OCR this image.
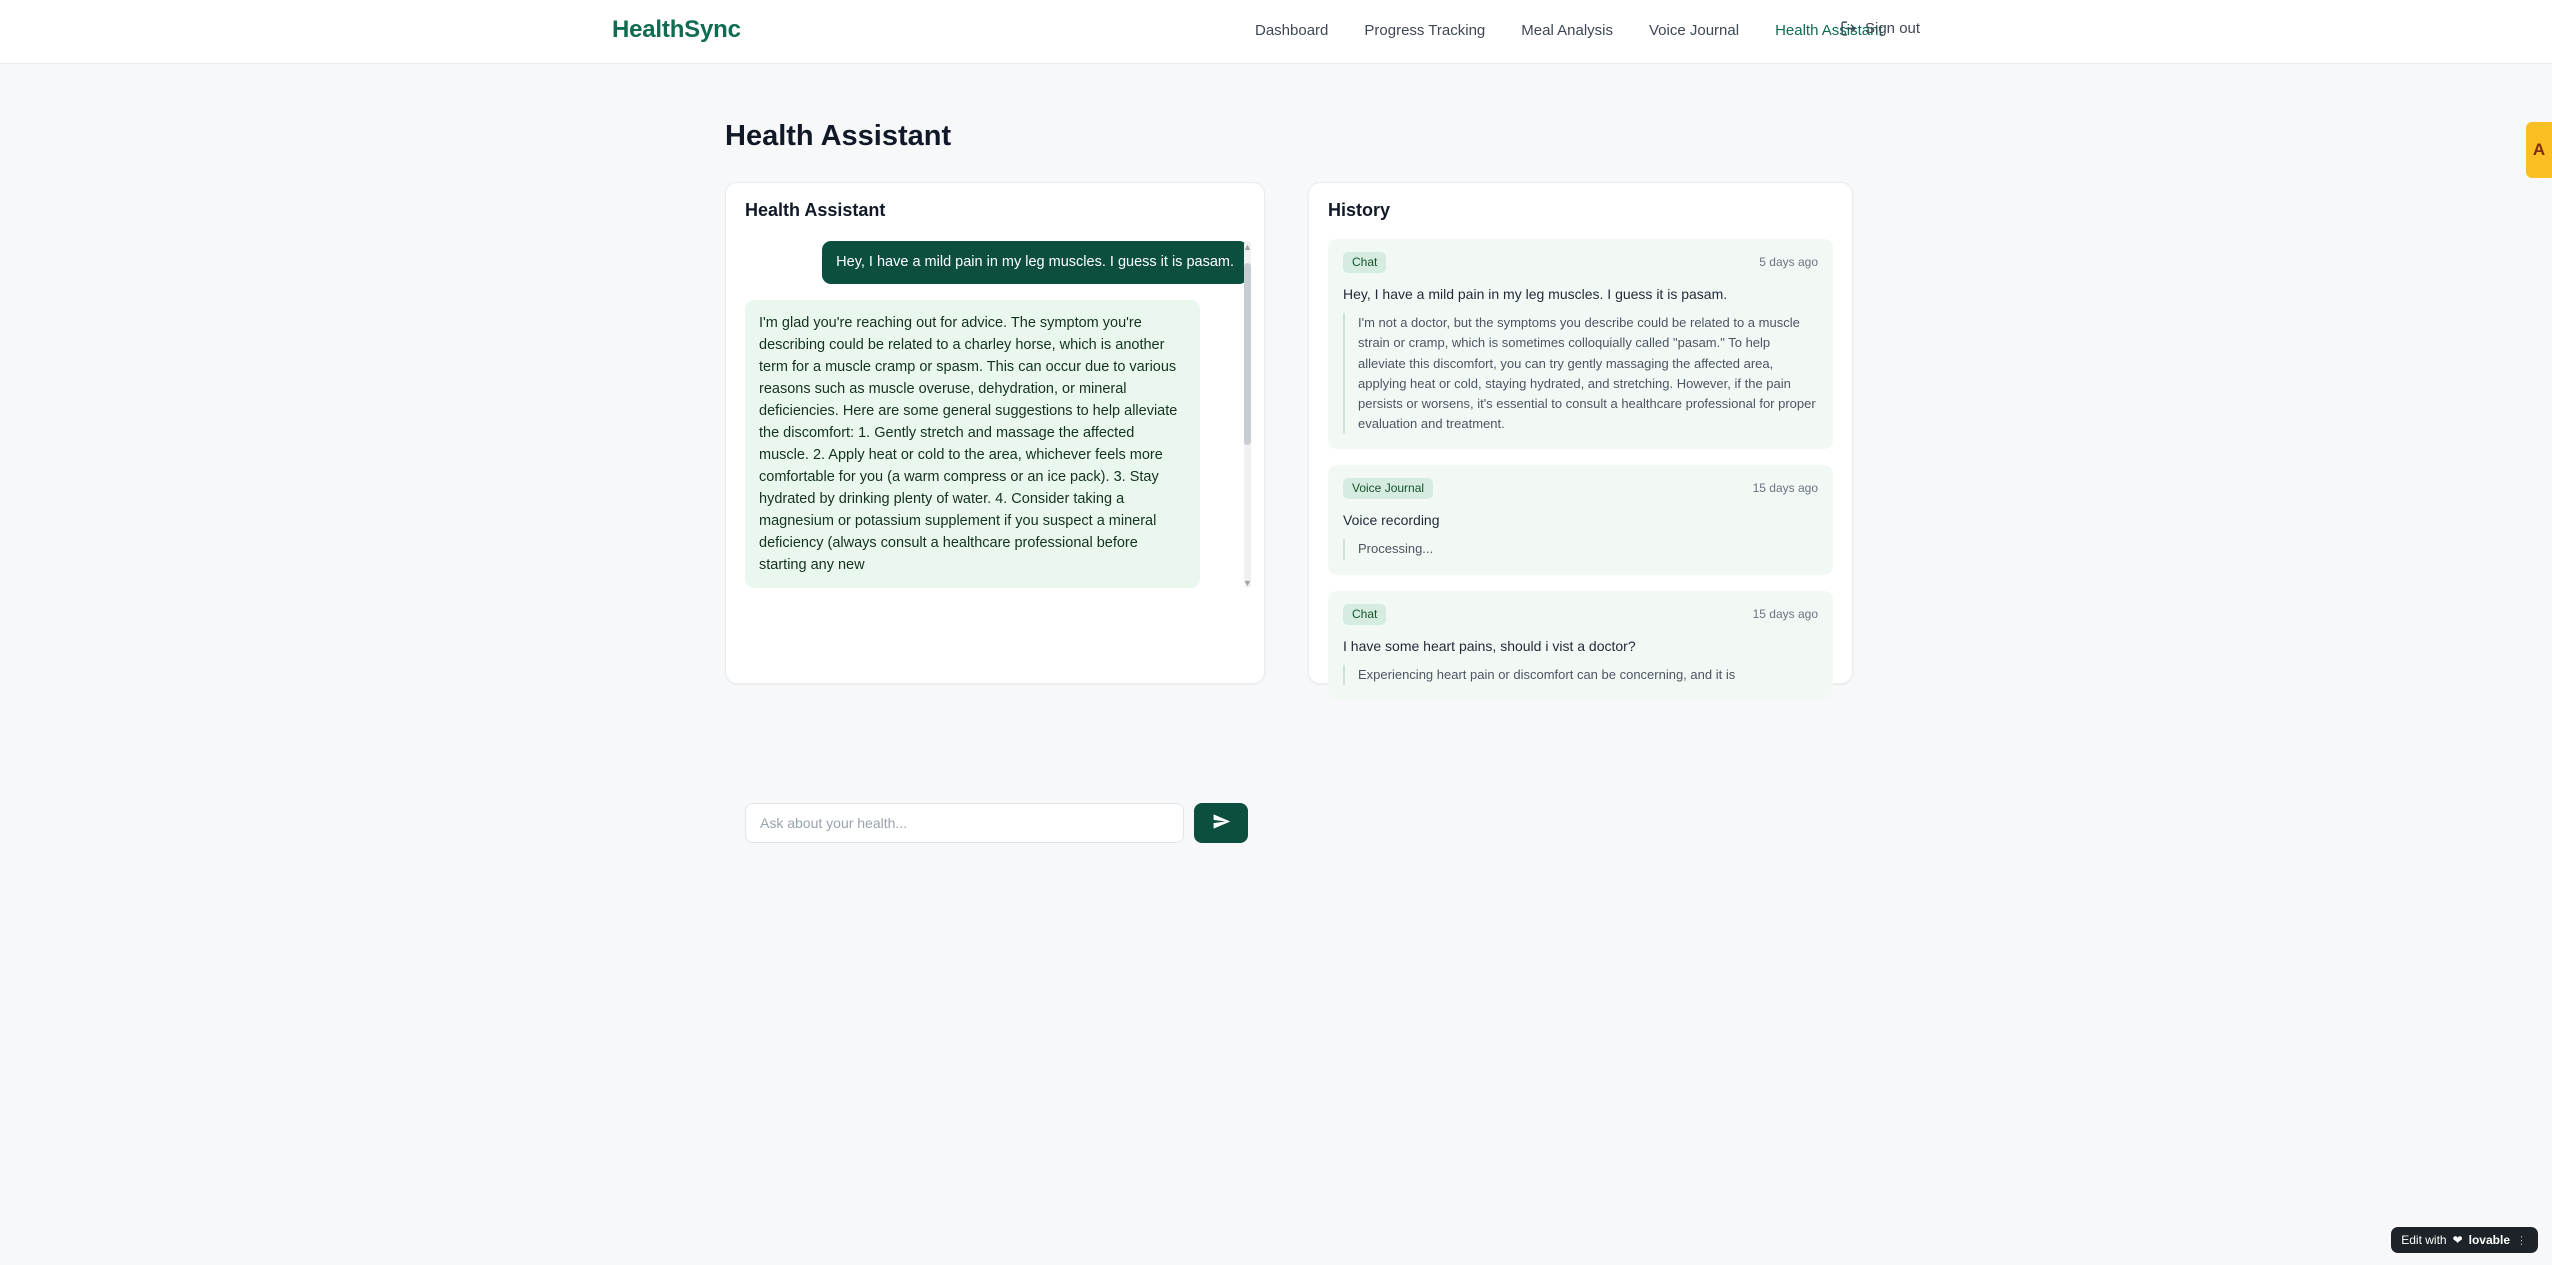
HealthSync	Dashboard Progress Tracking Meal Analysis Voice Journal Health Assistant
Sign out
Health Assistant
Health Assistant
Hey, I have a mild pain in my leg muscles. I guess it is pasam.
I'm glad you're reaching out for advice. The symptom you're describing could be related to a charley horse, which is another term for a muscle cramp or spasm. This can occur due to various reasons such as muscle overuse, dehydration, or mineral deficiencies. Here are some general suggestions to help alleviate the discomfort: 1. Gently stretch and massage the affected muscle. 2. Apply heat or cold to the area, whichever feels more comfortable for you (a warm compress or an ice pack). 3. Stay hydrated by drinking plenty of water. 4. Consider taking a magnesium or potassium supplement if you suspect a mineral deficiency (always consult a healthcare professional before starting any new
▲
▼
Ask about your health...
History
Chat	5 days ago
Hey, I have a mild pain in my leg muscles. I guess it is pasam.
I'm not a doctor, but the symptoms you describe could be related to a muscle strain or cramp, which is sometimes colloquially called "pasam." To help alleviate this discomfort, you can try gently massaging the affected area, applying heat or cold, staying hydrated, and stretching. However, if the pain persists or worsens, it's essential to consult a healthcare professional for proper evaluation and treatment.
Voice Journal	15 days ago
Voice recording
Processing...
Chat	15 days ago
I have some heart pains, should i vist a doctor?
Experiencing heart pain or discomfort can be concerning, and it is
A
Edit with ❤ lovable ⋮
